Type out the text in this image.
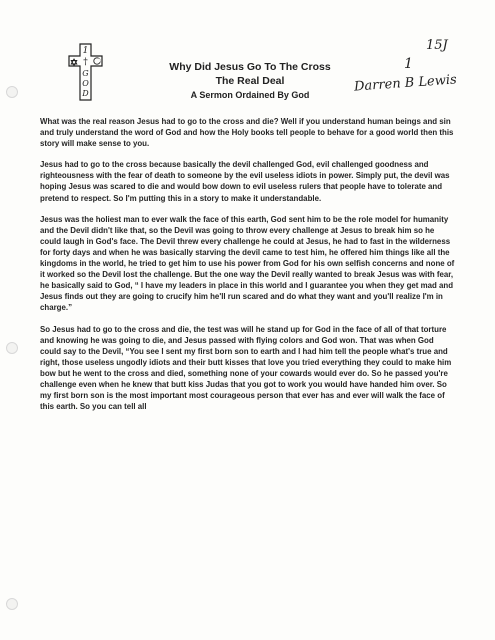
1
†
G
O
D
Why Did Jesus Go To The Cross
The Real Deal
A Sermon Ordained By God
15J
1
Darren B Lewis

What was the real reason Jesus had to go to the cross and die? Well if you understand human beings and sin and truly understand the word of God and how the Holy books tell people to behave for a good world then this story will make sense to you.

Jesus had to go to the cross because basically the devil challenged God, evil challenged goodness and righteousness with the fear of death to someone by the evil useless idiots in power. Simply put, the devil was hoping Jesus was scared to die and would bow down to evil useless rulers that people have to tolerate and pretend to respect. So I'm putting this in a story to make it understandable.

Jesus was the holiest man to ever walk the face of this earth, God sent him to be the role model for humanity and the Devil didn't like that, so the Devil was going to throw every challenge at Jesus to break him so he could laugh in God's face. The Devil threw every challenge he could at Jesus, he had to fast in the wilderness for forty days and when he was basically starving the devil came to test him, he offered him things like all the kingdoms in the world, he tried to get him to use his power from God for his own selfish concerns and none of it worked so the Devil lost the challenge. But the one way the Devil really wanted to break Jesus was with fear, he basically said to God, “ I have my leaders in place in this world and I guarantee you when they get mad and Jesus finds out they are going to crucify him he'll run scared and do what they want and you'll realize I'm in charge.”

So Jesus had to go to the cross and die, the test was will he stand up for God in the face of all of that torture and knowing he was going to die, and Jesus passed with flying colors and God won. That was when God could say to the Devil, “You see I sent my first born son to earth and I had him tell the people what's true and right, those useless ungodly idiots and their butt kisses that love you tried everything they could to make him bow but he went to the cross and died, something none of your cowards would ever do. So he passed you're challenge even when he knew that butt kiss Judas that you got to work you would have handed him over. So my first born son is the most important most courageous person that ever has and ever will walk the face of this earth. So you can tell all
